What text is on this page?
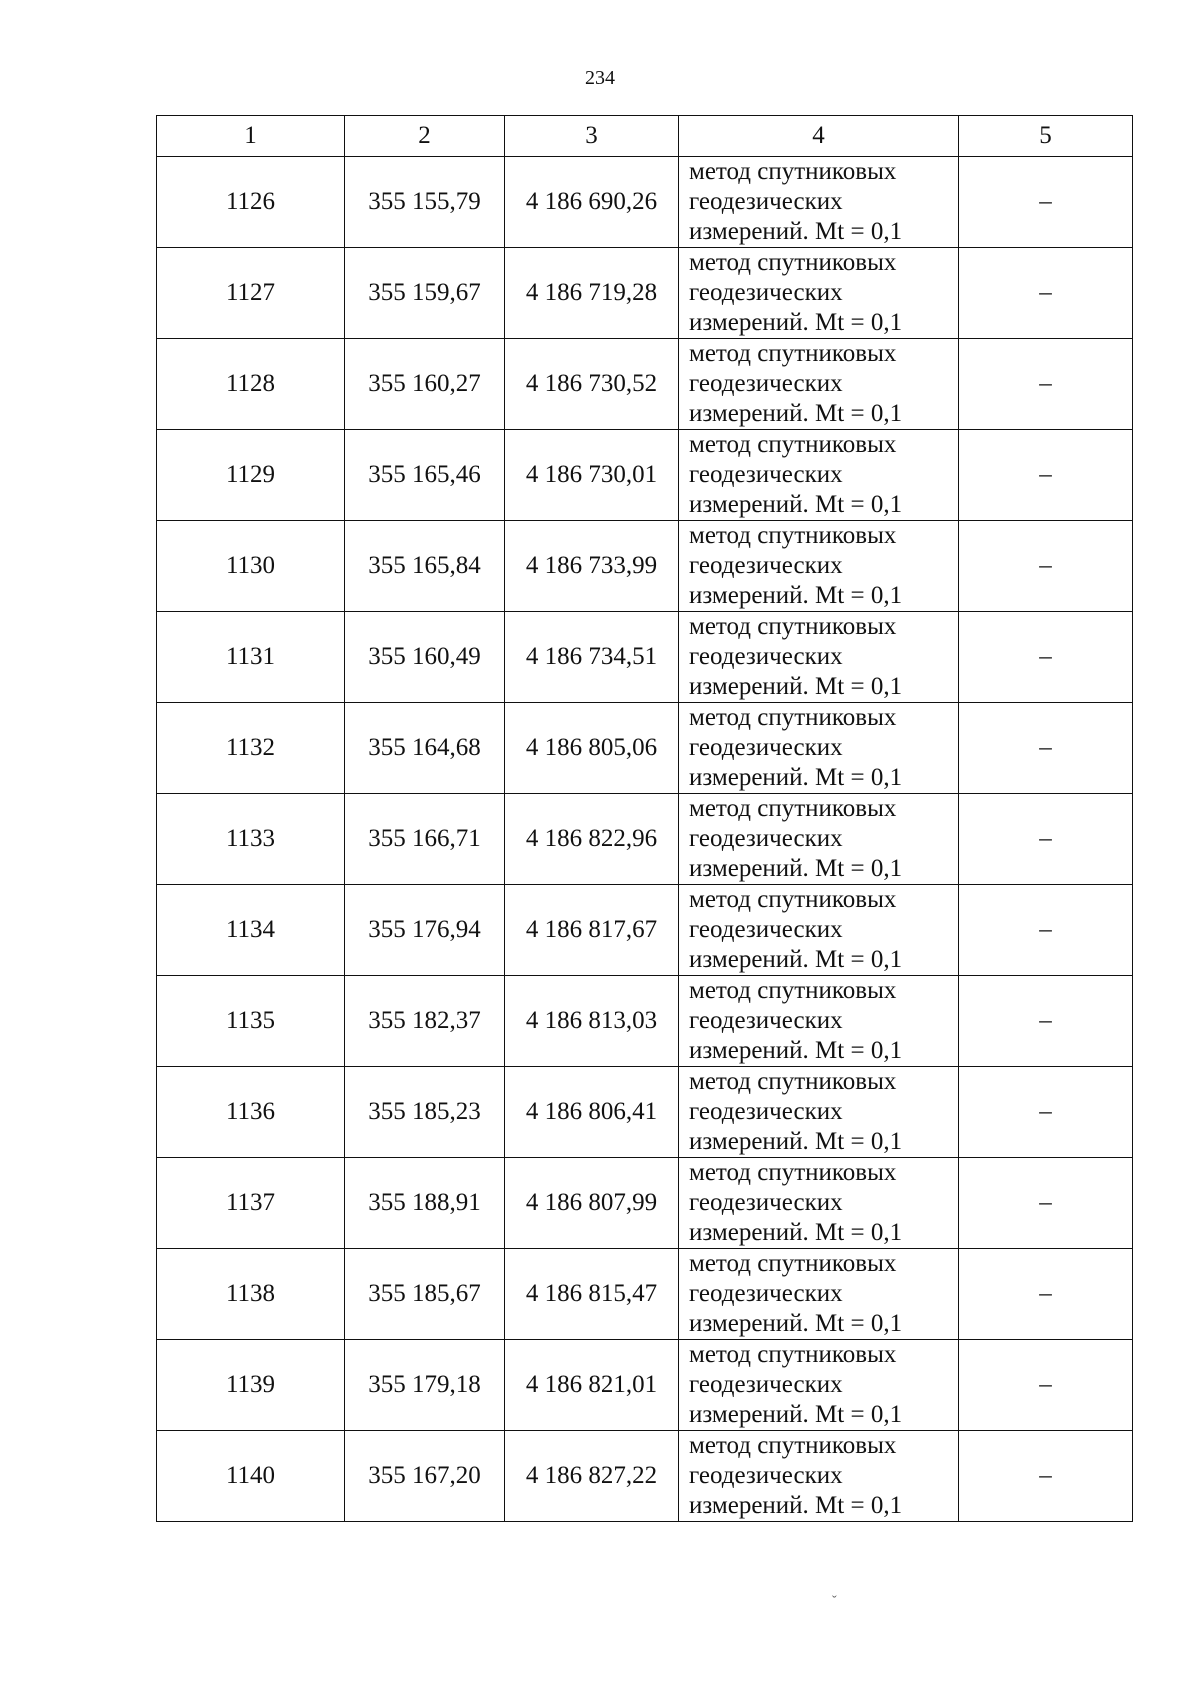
234
1	2	3	4	5
1126	355 155,79	4 186 690,26	метод спутниковых
геодезических
измерений. Mt = 0,1	–
1127	355 159,67	4 186 719,28	метод спутниковых
геодезических
измерений. Mt = 0,1	–
1128	355 160,27	4 186 730,52	метод спутниковых
геодезических
измерений. Mt = 0,1	–
1129	355 165,46	4 186 730,01	метод спутниковых
геодезических
измерений. Mt = 0,1	–
1130	355 165,84	4 186 733,99	метод спутниковых
геодезических
измерений. Mt = 0,1	–
1131	355 160,49	4 186 734,51	метод спутниковых
геодезических
измерений. Mt = 0,1	–
1132	355 164,68	4 186 805,06	метод спутниковых
геодезических
измерений. Mt = 0,1	–
1133	355 166,71	4 186 822,96	метод спутниковых
геодезических
измерений. Mt = 0,1	–
1134	355 176,94	4 186 817,67	метод спутниковых
геодезических
измерений. Mt = 0,1	–
1135	355 182,37	4 186 813,03	метод спутниковых
геодезических
измерений. Mt = 0,1	–
1136	355 185,23	4 186 806,41	метод спутниковых
геодезических
измерений. Mt = 0,1	–
1137	355 188,91	4 186 807,99	метод спутниковых
геодезических
измерений. Mt = 0,1	–
1138	355 185,67	4 186 815,47	метод спутниковых
геодезических
измерений. Mt = 0,1	–
1139	355 179,18	4 186 821,01	метод спутниковых
геодезических
измерений. Mt = 0,1	–
1140	355 167,20	4 186 827,22	метод спутниковых
геодезических
измерений. Mt = 0,1	–
ˇ
